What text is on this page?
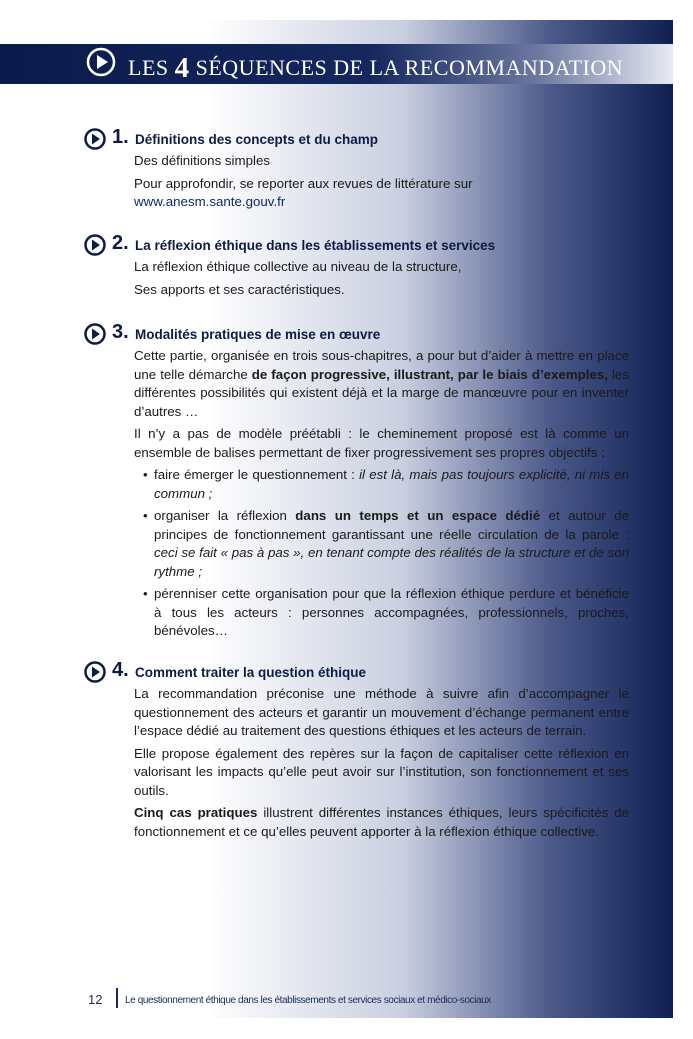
LES 4 SÉQUENCES DE LA RECOMMANDATION
1. Définitions des concepts et du champ

Des définitions simples

Pour approfondir, se reporter aux revues de littérature sur

www.anesm.sante.gouv.fr

2. La réflexion éthique dans les établissements et services

La réflexion éthique collective au niveau de la structure,

Ses apports et ses caractéristiques.

3. Modalités pratiques de mise en œuvre

Cette partie, organisée en trois sous-chapitres, a pour but d’aider à mettre en place une telle démarche de façon progressive, illustrant, par le biais d’exemples, les différentes possibilités qui existent déjà et la marge de manœuvre pour en inventer d’autres …

Il n’y a pas de modèle préétabli : le cheminement proposé est là comme un ensemble de balises permettant de fixer progressivement ses propres objectifs :

• faire émerger le questionnement : il est là, mais pas toujours explicité, ni mis en commun ;
• organiser la réflexion dans un temps et un espace dédié et autour de principes de fonctionnement garantissant une réelle circulation de la parole : ceci se fait « pas à pas », en tenant compte des réalités de la structure et de son rythme ;
• pérenniser cette organisation pour que la réflexion éthique perdure et bénéficie à tous les acteurs : personnes accompagnées, professionnels, proches, bénévoles…
4. Comment traiter la question éthique

La recommandation préconise une méthode à suivre afin d’accompagner le questionnement des acteurs et garantir un mouvement d’échange permanent entre l’espace dédié au traitement des questions éthiques et les acteurs de terrain.

Elle propose également des repères sur la façon de capitaliser cette réflexion en valorisant les impacts qu’elle peut avoir sur l’institution, son fonctionnement et ses outils.

Cinq cas pratiques illustrent différentes instances éthiques, leurs spécificités de fonctionnement et ce qu’elles peuvent apporter à la réflexion éthique collective.

12 Le questionnement éthique dans les établissements et services sociaux et médico-sociaux
